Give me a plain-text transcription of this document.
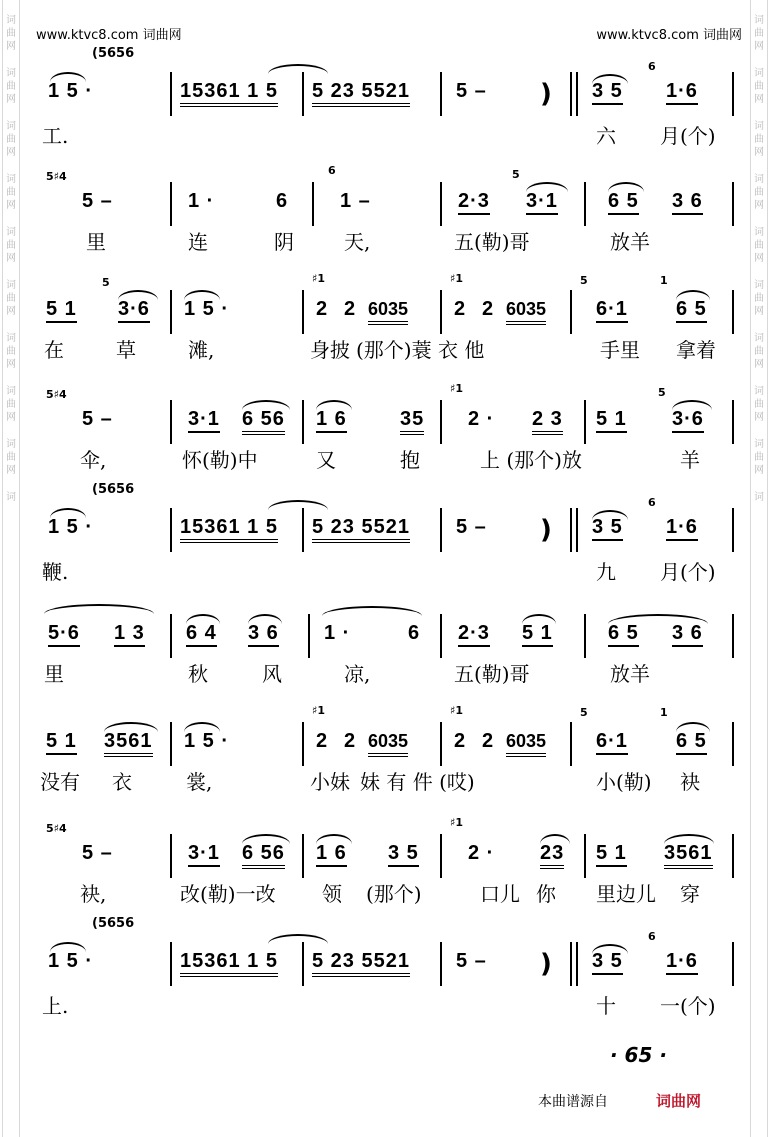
词
曲
网
词
曲
网
词
曲
网
词
曲
网
词
曲
网
词
曲
网
词
曲
网
词
曲
网
词
曲
网
词
词
曲
网
词
曲
网
词
曲
网
词
曲
网
词
曲
网
词
曲
网
词
曲
网
词
曲
网
词
曲
网
词
www.ktvc8.com 词曲网	www.ktvc8.com 词曲网
(5656
1 5 ·	15361 1 5 5 23 5521 5 – ) 3 5
6
1·6
工.	六 月(个)
5♯4
5 –	1 ·	6
6
1 –	2·3
5
3·1	6 5 3 6
里	连	阴	天,	五(勒)哥	放羊
5 1
5
3·6 1 5 ·
♯1
2 2 6035
♯1
2 2 6035
5
6·1
1
6 5
在	草	滩,	身披 (那个)蓑 衣 他	手里 拿着
5♯4
5 –	3·1 6 56 1 6	35
♯1
2 · 2 3 5 1
5
3·6
伞,	怀(勒)中	又	抱	上 (那个)放	羊
(5656
1 5 ·	15361 1 5 5 23 5521 5 – ) 3 5
6
1·6
鞭.	九 月(个)
5·6 1 3 6 4 3 6 1 ·	6 2·3 5 1	6 5 3 6
里	秋	风	凉,	五(勒)哥	放羊
5 1 3561 1 5 ·
♯1
2 2 6035
♯1
2 2 6035
5
6·1
1
6 5
没有 衣	裳,	小妹 妹 有 件 (哎)	小(勒) 袂
5♯4
5 –	3·1 6 56 1 6 3 5
♯1
2 · 23 5 1 3561
袂,	改(勒)一改 领 (那个)	口儿 你 里边儿 穿
(5656
1 5 ·	15361 1 5 5 23 5521 5 – ) 3 5
6
1·6
上.	十 一(个)
· 65 ·
本曲谱源自	词曲网
